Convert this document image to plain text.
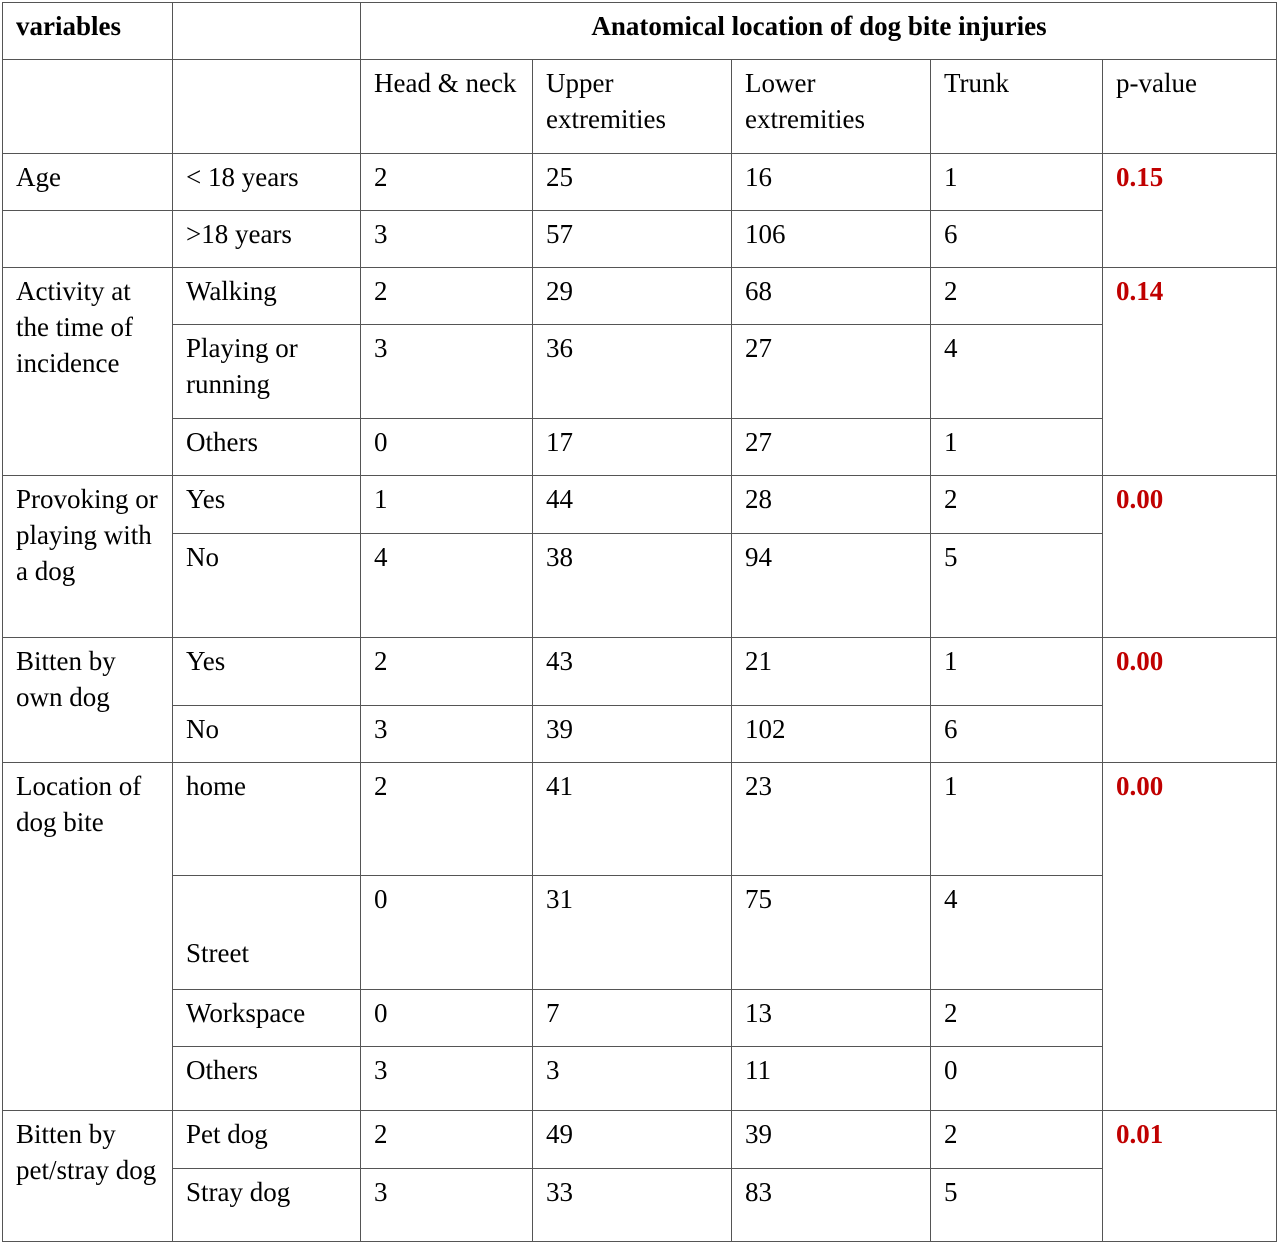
variables		Anatomical location of dog bite injuries				
		Head & neck	Upper extremities	Lower extremities	Trunk	p-value
Age	< 18 years	2	25	16	1	0.15
	>18 years	3	57	106	6	
Activity at the time of incidence	Walking	2	29	68	2	0.14
	Playing or running	3	36	27	4	
	Others	0	17	27	1	
Provoking or playing with a dog	Yes	1	44	28	2	0.00
	No	4	38	94	5	
Bitten by own dog	Yes	2	43	21	1	0.00
	No	3	39	102	6	
Location of dog bite	home	2	41	23	1	0.00
	Street	0	31	75	4	
	Workspace	0	7	13	2	
	Others	3	3	11	0	
Bitten by pet/stray dog	Pet dog	2	49	39	2	0.01
	Stray dog	3	33	83	5	
